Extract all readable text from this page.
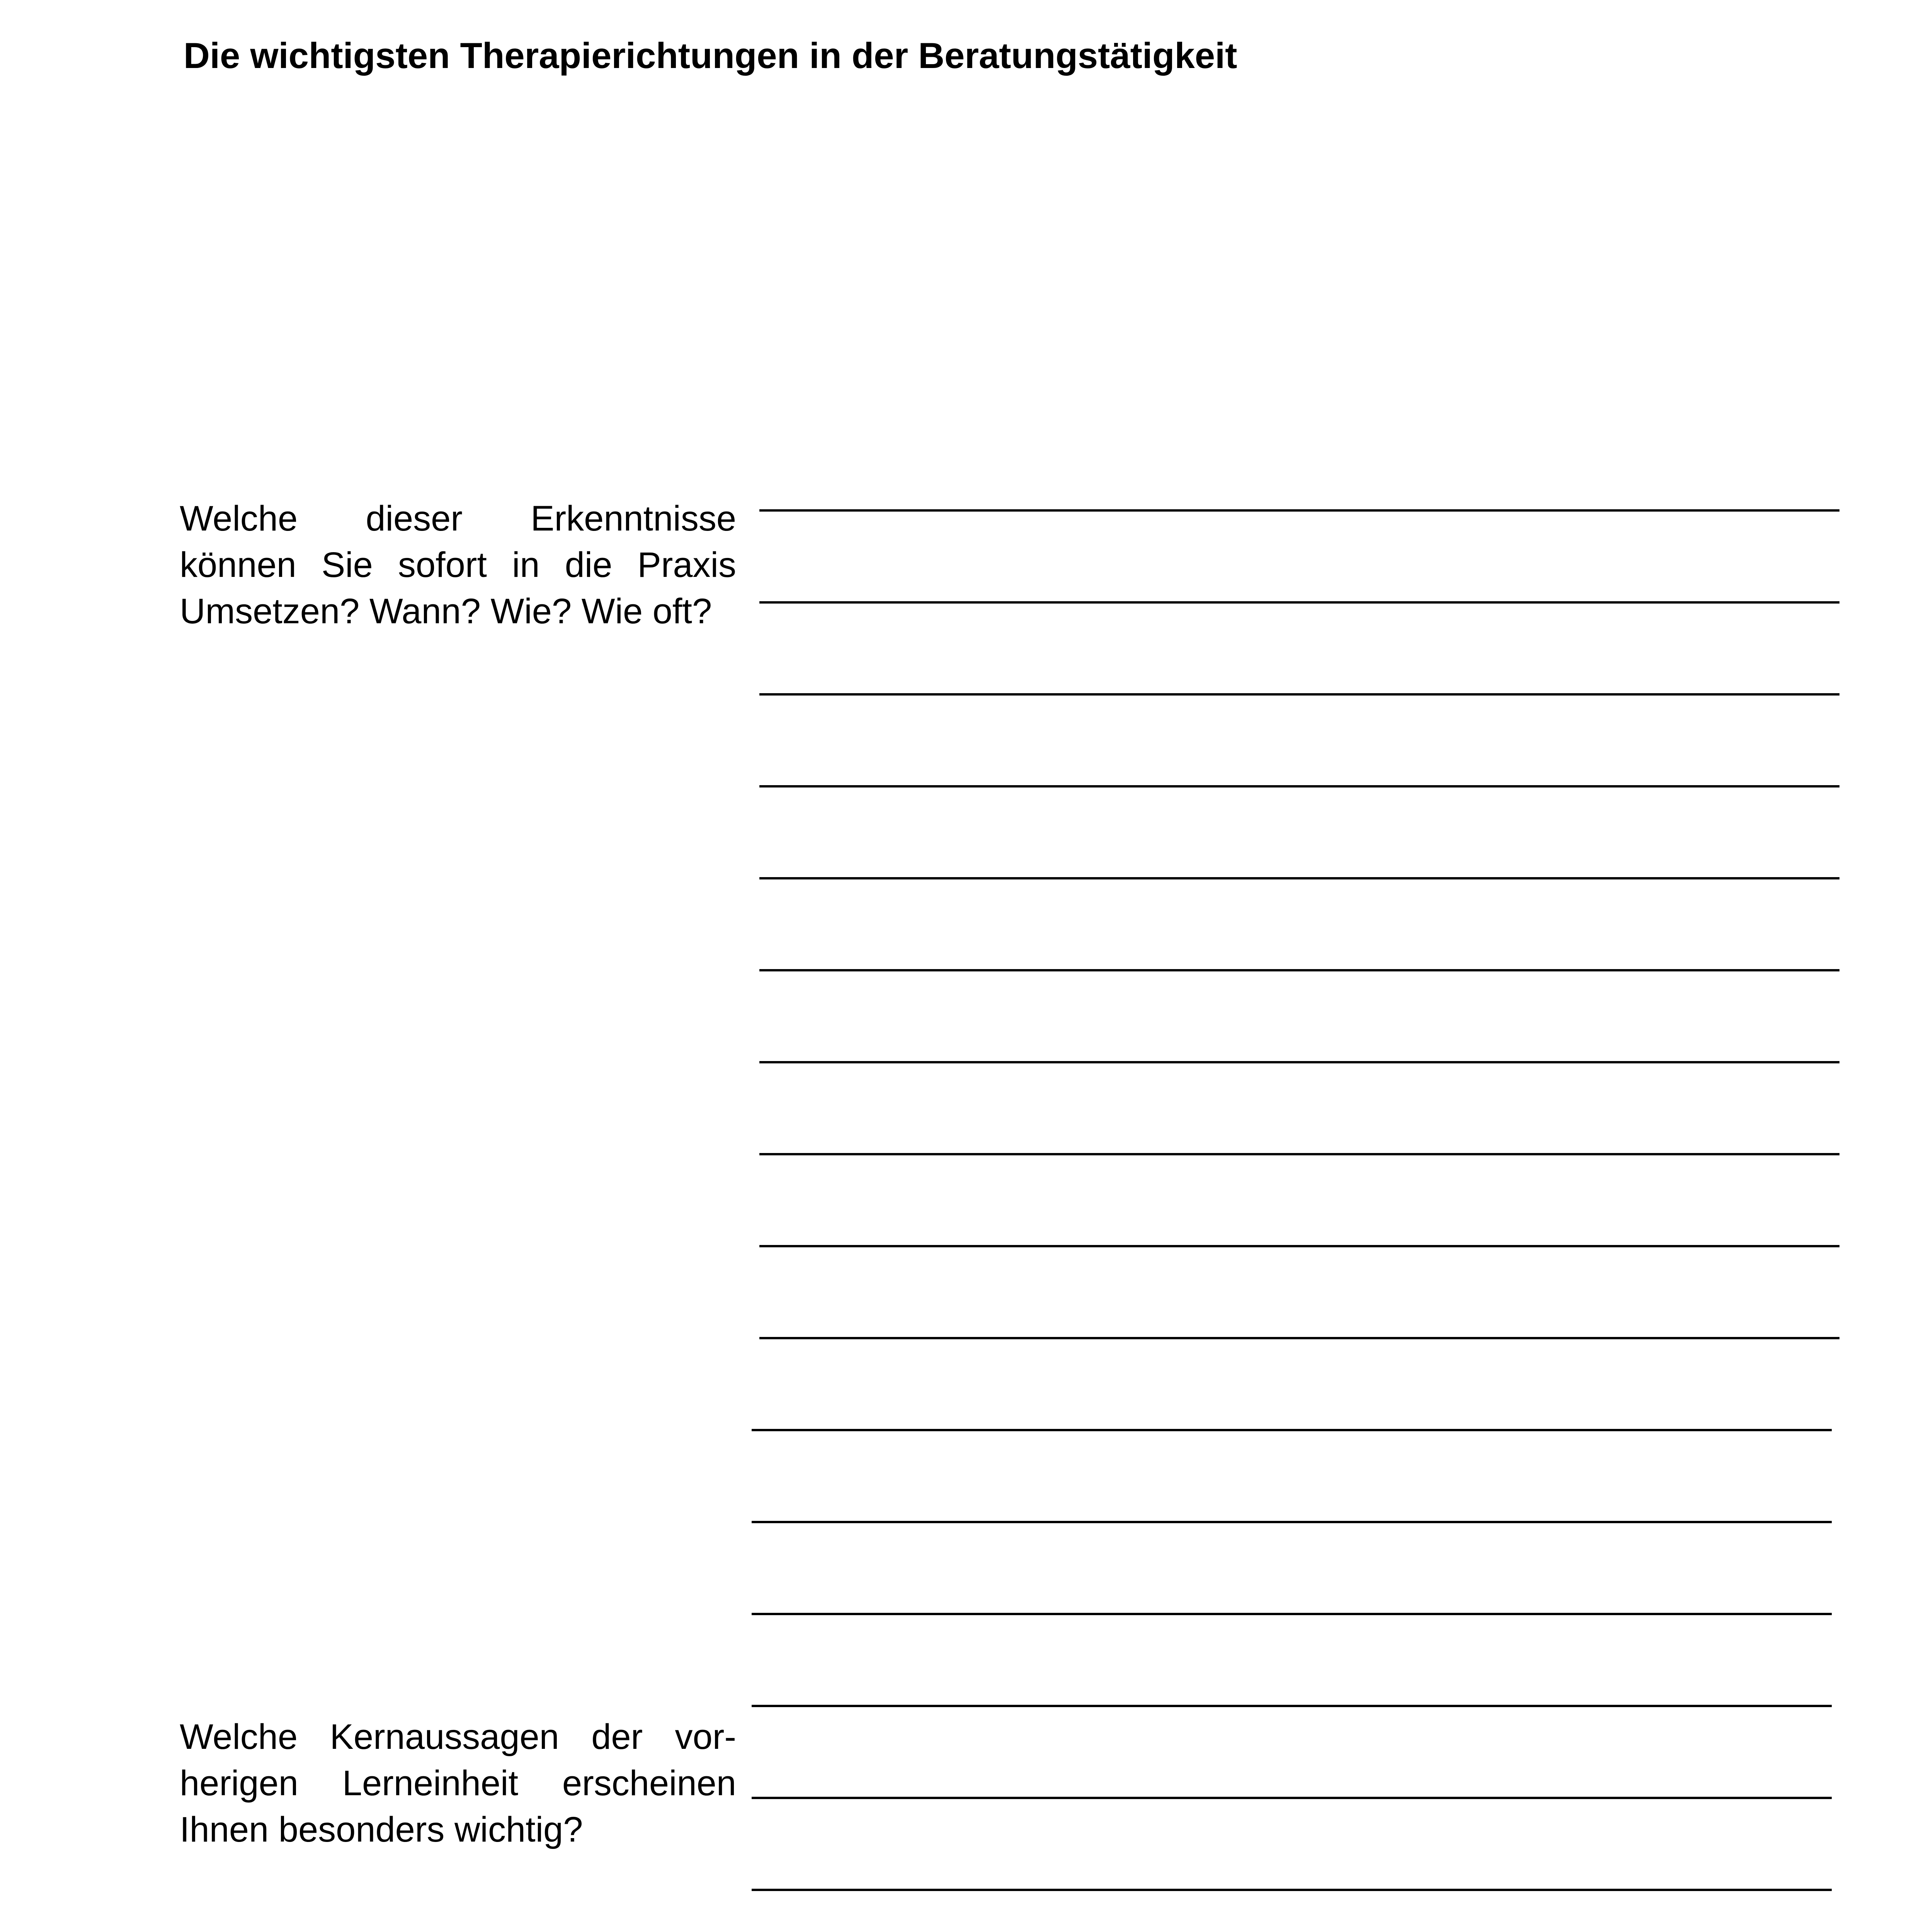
Die wichtigsten Therapierichtungen in der Beratungstätigkeit
Welche dieser Erkenntnisse können Sie sofort in die Praxis Umsetzen? Wann? Wie? Wie oft?
Welche Kernaussagen der vor-herigen Lerneinheit erscheinen Ihnen besonders wichtig?
